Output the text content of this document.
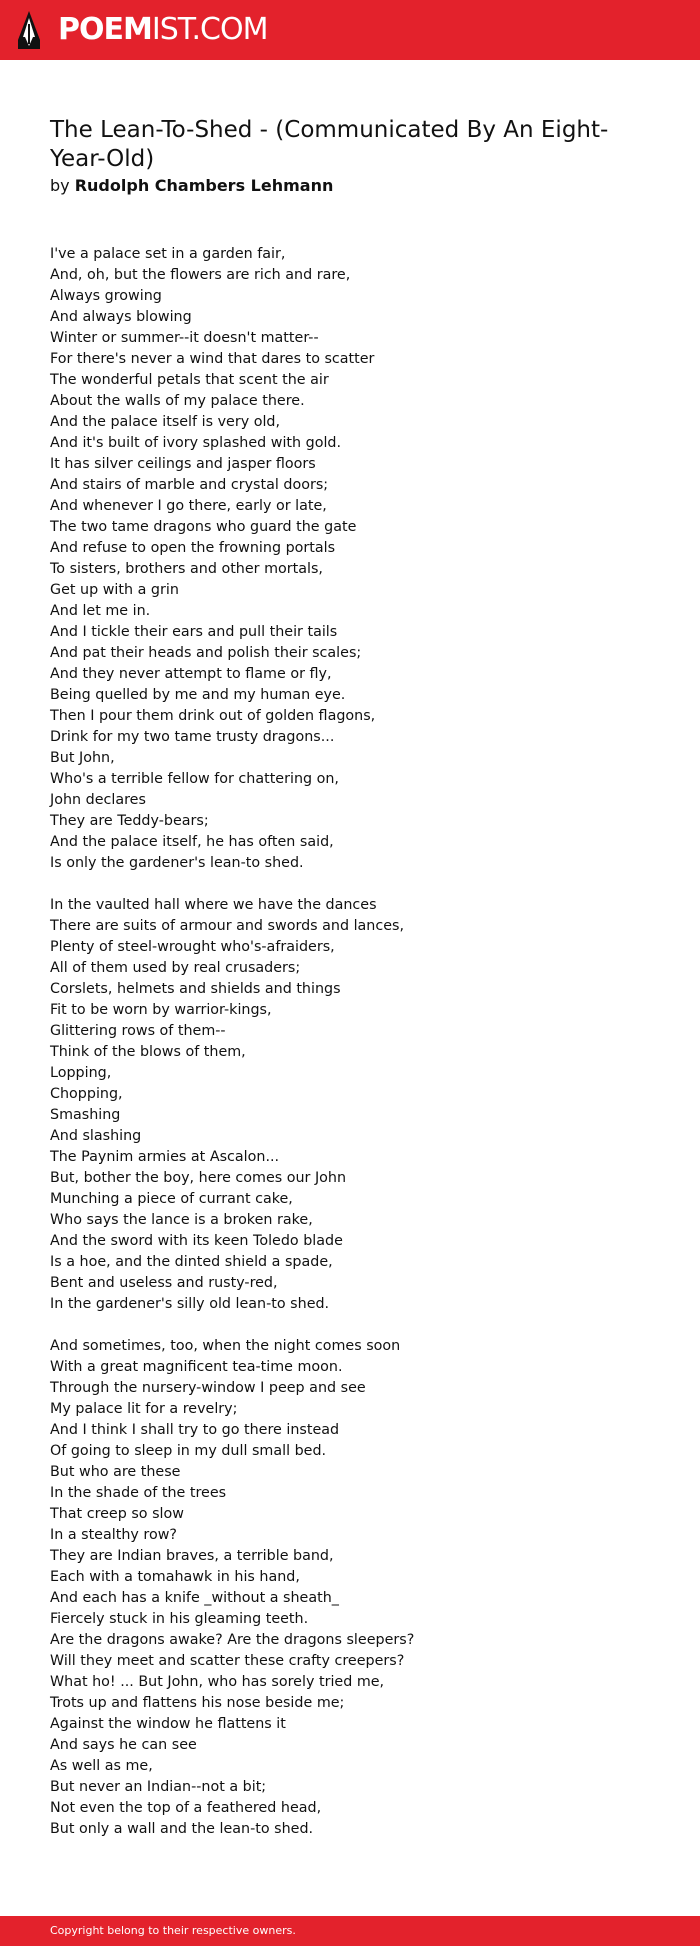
POEMIST.COM
The Lean-To-Shed - (Communicated By An Eight-Year-Old)
by Rudolph Chambers Lehmann
I've a palace set in a garden fair,
And, oh, but the flowers are rich and rare,
Always growing
And always blowing
Winter or summer--it doesn't matter--
For there's never a wind that dares to scatter
The wonderful petals that scent the air
About the walls of my palace there.
And the palace itself is very old,
And it's built of ivory splashed with gold.
It has silver ceilings and jasper floors
And stairs of marble and crystal doors;
And whenever I go there, early or late,
The two tame dragons who guard the gate
And refuse to open the frowning portals
To sisters, brothers and other mortals,
Get up with a grin
And let me in.
And I tickle their ears and pull their tails
And pat their heads and polish their scales;
And they never attempt to flame or fly,
Being quelled by me and my human eye.
Then I pour them drink out of golden flagons,
Drink for my two tame trusty dragons...
But John,
Who's a terrible fellow for chattering on,
John declares
They are Teddy-bears;
And the palace itself, he has often said,
Is only the gardener's lean-to shed.
In the vaulted hall where we have the dances
There are suits of armour and swords and lances,
Plenty of steel-wrought who's-afraiders,
All of them used by real crusaders;
Corslets, helmets and shields and things
Fit to be worn by warrior-kings,
Glittering rows of them--
Think of the blows of them,
Lopping,
Chopping,
Smashing
And slashing
The Paynim armies at Ascalon...
But, bother the boy, here comes our John
Munching a piece of currant cake,
Who says the lance is a broken rake,
And the sword with its keen Toledo blade
Is a hoe, and the dinted shield a spade,
Bent and useless and rusty-red,
In the gardener's silly old lean-to shed.
And sometimes, too, when the night comes soon
With a great magnificent tea-time moon.
Through the nursery-window I peep and see
My palace lit for a revelry;
And I think I shall try to go there instead
Of going to sleep in my dull small bed.
But who are these
In the shade of the trees
That creep so slow
In a stealthy row?
They are Indian braves, a terrible band,
Each with a tomahawk in his hand,
And each has a knife _without a sheath_
Fiercely stuck in his gleaming teeth.
Are the dragons awake? Are the dragons sleepers?
Will they meet and scatter these crafty creepers?
What ho! ... But John, who has sorely tried me,
Trots up and flattens his nose beside me;
Against the window he flattens it
And says he can see
As well as me,
But never an Indian--not a bit;
Not even the top of a feathered head,
But only a wall and the lean-to shed.
Copyright belong to their respective owners.
